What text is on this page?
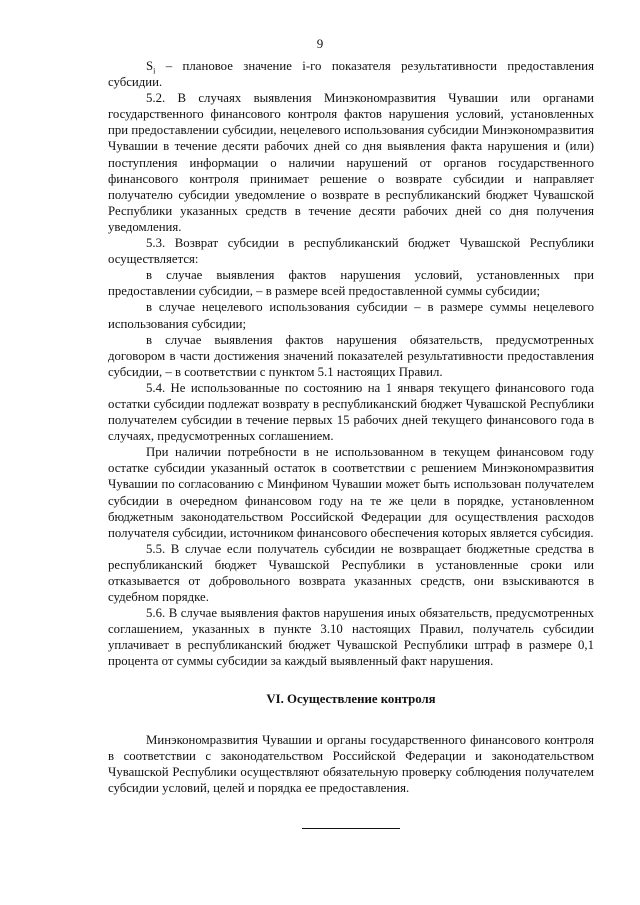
9

$S_i$ – плановое значение i-го показателя результативности предоставления субсидии.

5.2. В случаях выявления Минэкономразвития Чувашии или органами государственного финансового контроля фактов нарушения условий, установленных при предоставлении субсидии, нецелевого использования субсидии Минэкономразвития Чувашии в течение десяти рабочих дней со дня выявления факта нарушения и (или) поступления информации о наличии нарушений от органов государственного финансового контроля принимает решение о возврате субсидии и направляет получателю субсидии уведомление о возврате в республиканский бюджет Чувашской Республики указанных средств в течение десяти рабочих дней со дня получения уведомления.

5.3. Возврат субсидии в республиканский бюджет Чувашской Республики осуществляется:

в случае выявления фактов нарушения условий, установленных при предоставлении субсидии, – в размере всей предоставленной суммы субсидии;

в случае нецелевого использования субсидии – в размере суммы нецелевого использования субсидии;

в случае выявления фактов нарушения обязательств, предусмотренных договором в части достижения значений показателей результативности предоставления субсидии, – в соответствии с пунктом 5.1 настоящих Правил.

5.4. Не использованные по состоянию на 1 января текущего финансового года остатки субсидии подлежат возврату в республиканский бюджет Чувашской Республики получателем субсидии в течение первых 15 рабочих дней текущего финансового года в случаях, предусмотренных соглашением.

При наличии потребности в не использованном в текущем финансовом году остатке субсидии указанный остаток в соответствии с решением Минэкономразвития Чувашии по согласованию с Минфином Чувашии может быть использован получателем субсидии в очередном финансовом году на те же цели в порядке, установленном бюджетным законодательством Российской Федерации для осуществления расходов получателя субсидии, источником финансового обеспечения которых является субсидия.

5.5. В случае если получатель субсидии не возвращает бюджетные средства в республиканский бюджет Чувашской Республики в установленные сроки или отказывается от добровольного возврата указанных средств, они взыскиваются в судебном порядке.

5.6. В случае выявления фактов нарушения иных обязательств, предусмотренных соглашением, указанных в пункте 3.10 настоящих Правил, получатель субсидии уплачивает в республиканский бюджет Чувашской Республики штраф в размере 0,1 процента от суммы субсидии за каждый выявленный факт нарушения.

VI. Осуществление контроля

Минэкономразвития Чувашии и органы государственного финансового контроля в соответствии с законодательством Российской Федерации и законодательством Чувашской Республики осуществляют обязательную проверку соблюдения получателем субсидии условий, целей и порядка ее предоставления.
